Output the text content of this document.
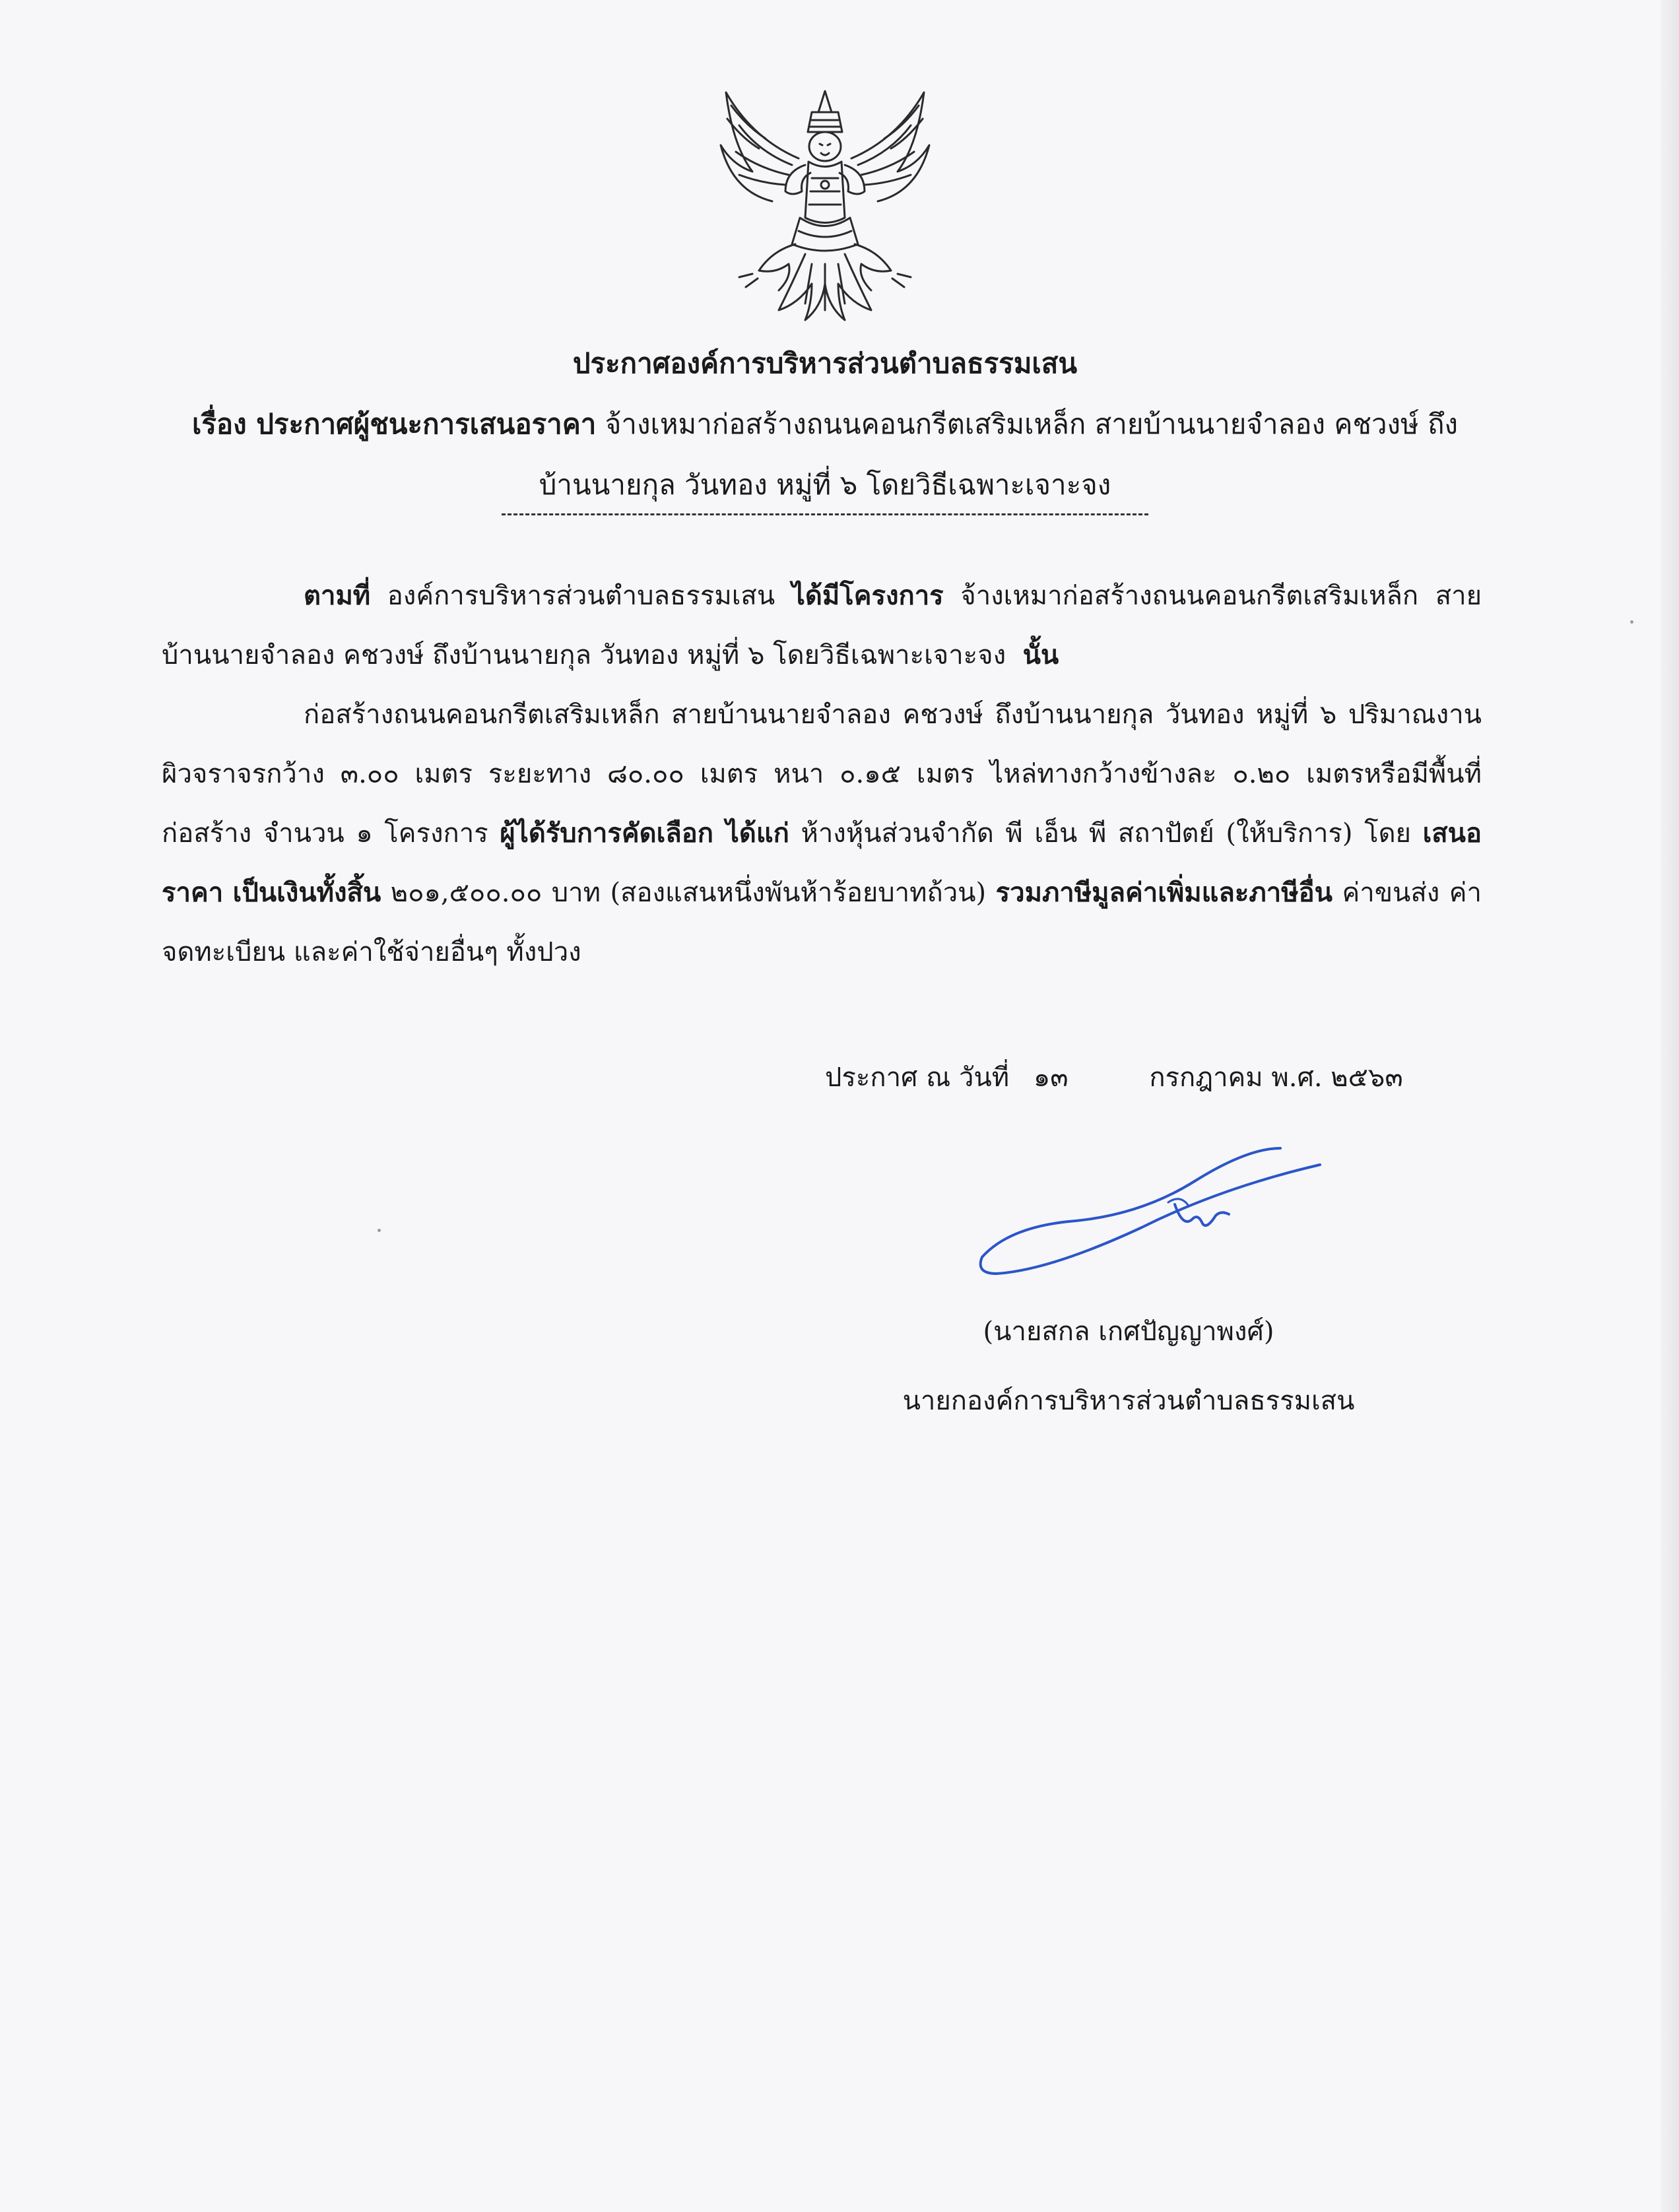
ประกาศองค์การบริหารส่วนตำบลธรรมเสน
เรื่อง ประกาศผู้ชนะการเสนอราคา จ้างเหมาก่อสร้างถนนคอนกรีตเสริมเหล็ก สายบ้านนายจำลอง คชวงษ์ ถึง
บ้านนายกุล วันทอง หมู่ที่ ๖ โดยวิธีเฉพาะเจาะจง

ตามที่ องค์การบริหารส่วนตำบลธรรมเสน ได้มีโครงการ จ้างเหมาก่อสร้างถนนคอนกรีตเสริมเหล็ก สายบ้านนายจำลอง คชวงษ์ ถึงบ้านนายกุล วันทอง หมู่ที่ ๖ โดยวิธีเฉพาะเจาะจง นั้น

ก่อสร้างถนนคอนกรีตเสริมเหล็ก สายบ้านนายจำลอง คชวงษ์ ถึงบ้านนายกุล วันทอง หมู่ที่ ๖ ปริมาณงาน ผิวจราจรกว้าง ๓.๐๐ เมตร ระยะทาง ๘๐.๐๐ เมตร หนา ๐.๑๕ เมตร ไหล่ทางกว้างข้างละ ๐.๒๐ เมตรหรือมีพื้นที่ก่อสร้าง จำนวน ๑ โครงการ ผู้ได้รับการคัดเลือก ได้แก่ ห้างหุ้นส่วนจำกัด พี เอ็น พี สถาปัตย์ (ให้บริการ) โดย เสนอราคา เป็นเงินทั้งสิ้น ๒๐๑,๕๐๐.๐๐ บาท (สองแสนหนึ่งพันห้าร้อยบาทถ้วน) รวมภาษีมูลค่าเพิ่มและภาษีอื่น ค่าขนส่ง ค่าจดทะเบียน และค่าใช้จ่ายอื่นๆ ทั้งปวง

ประกาศ ณ วันที่ ๑๓	กรกฎาคม พ.ศ. ๒๕๖๓
(นายสกล เกศปัญญาพงศ์)
นายกองค์การบริหารส่วนตำบลธรรมเสน
